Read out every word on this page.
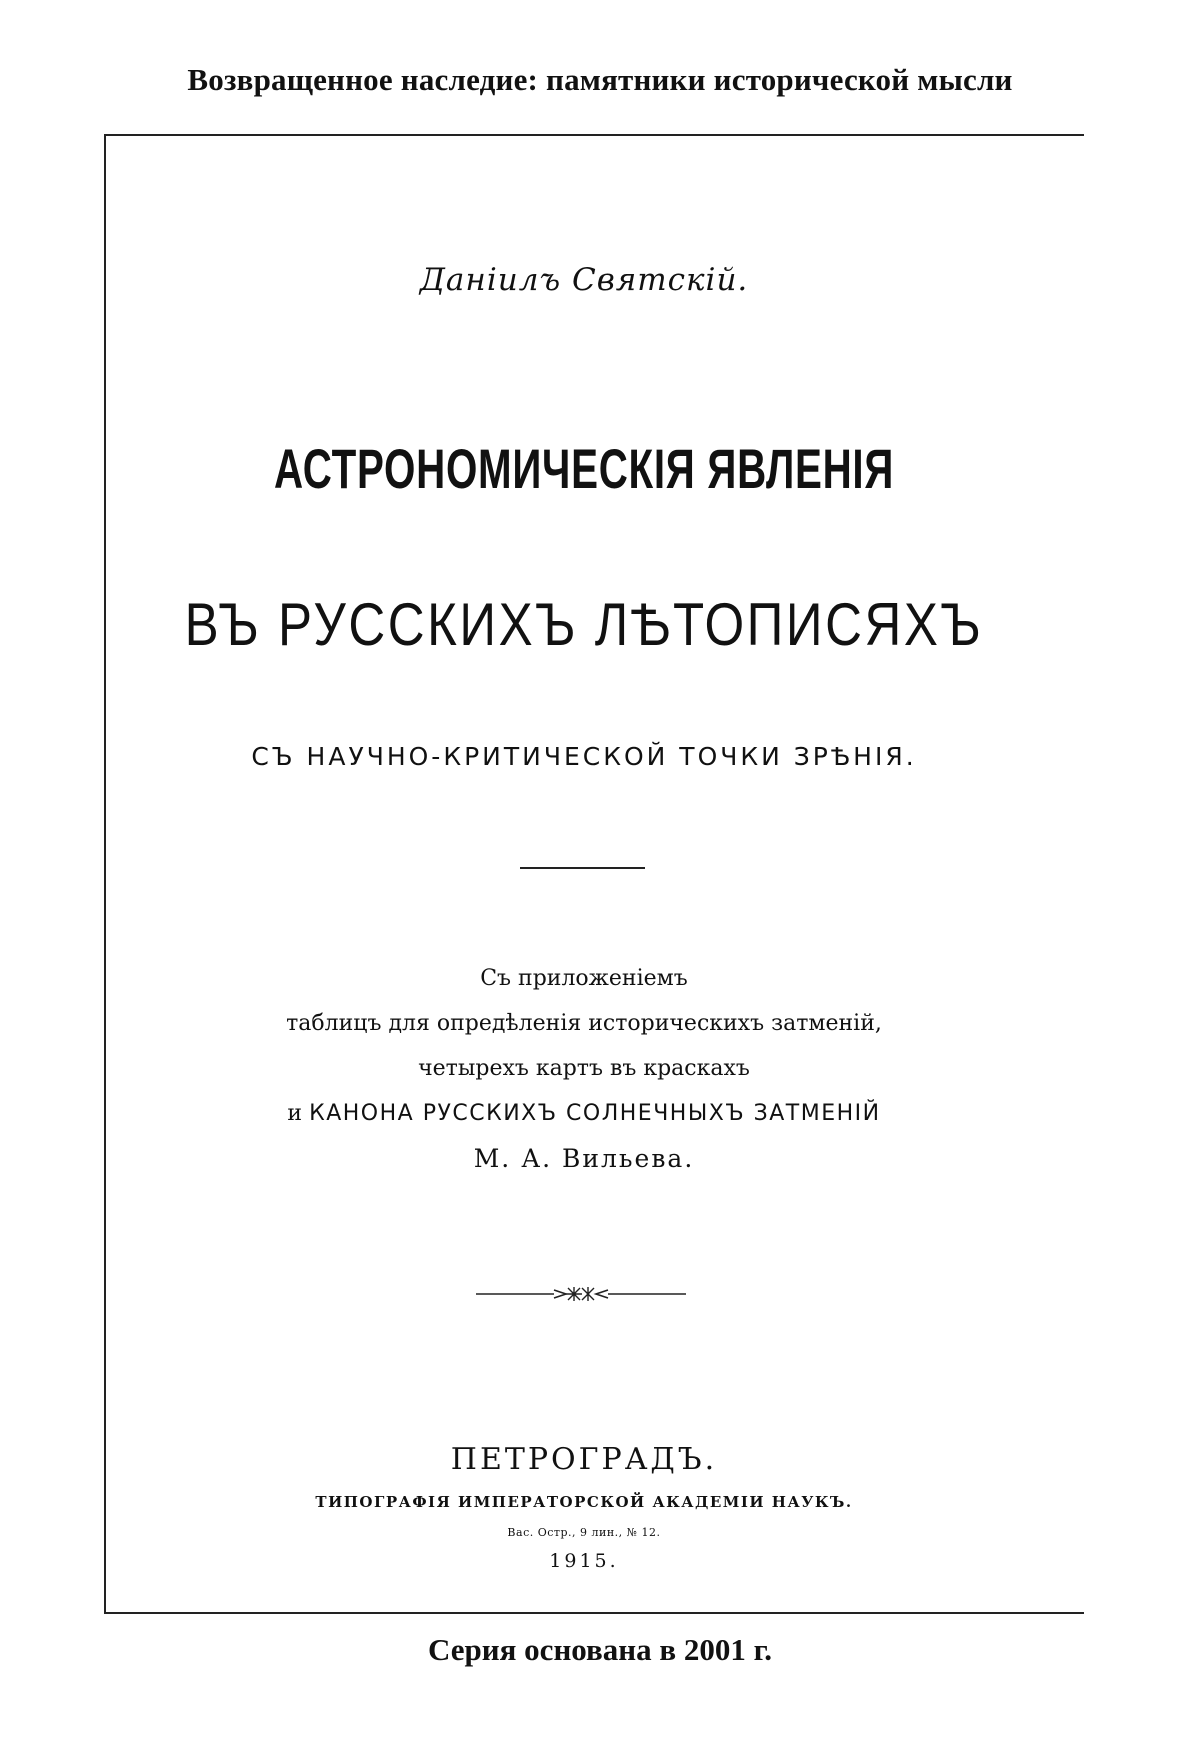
Возвращенное наследие: памятники исторической мысли
Данiилъ Святскiй.
АСТРОНОМИЧЕСКIЯ ЯВЛЕНIЯ
ВЪ РУССКИХЪ ЛѢТОПИСЯХЪ
СЪ НАУЧНО-КРИТИЧЕСКОЙ ТОЧКИ ЗРѢНIЯ.
Съ приложенiемъ
таблицъ для опредѣленiя историческихъ затменiй,
четырехъ картъ въ краскахъ
и КАНОНА РУССКИХЪ СОЛНЕЧНЫХЪ ЗАТМЕНIЙ
М. А. Вильева.
ПЕТРОГРАДЪ.
ТИПОГРАФIЯ ИМПЕРАТОРСКОЙ АКАДЕМIИ НАУКЪ.
Вас. Остр., 9 лин., № 12.
1915.
Серия основана в 2001 г.
